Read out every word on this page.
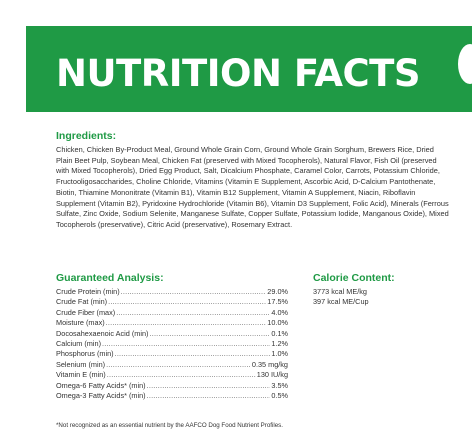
NUTRITION FACTS
Ingredients:
Chicken, Chicken By-Product Meal, Ground Whole Grain Corn, Ground Whole Grain Sorghum, Brewers Rice, Dried Plain Beet Pulp, Soybean Meal, Chicken Fat (preserved with Mixed Tocopherols), Natural Flavor, Fish Oil (preserved with Mixed Tocopherols), Dried Egg Product, Salt, Dicalcium Phosphate, Caramel Color, Carrots, Potassium Chloride, Fructooligosaccharides, Choline Chloride, Vitamins (Vitamin E Supplement, Ascorbic Acid, D-Calcium Pantothenate, Biotin, Thiamine Mononitrate (Vitamin B1), Vitamin B12 Supplement, Vitamin A Supplement, Niacin, Riboflavin Supplement (Vitamin B2), Pyridoxine Hydrochloride (Vitamin B6), Vitamin D3 Supplement, Folic Acid), Minerals (Ferrous Sulfate, Zinc Oxide, Sodium Selenite, Manganese Sulfate, Copper Sulfate, Potassium Iodide, Manganous Oxide), Mixed Tocopherols (preservative), Citric Acid (preservative), Rosemary Extract.
Guaranteed Analysis:
Crude Protein (min) .....	29.0%
Crude Fat (min) .....	17.5%
Crude Fiber (max) .....	4.0%
Moisture (max) .....	10.0%
Docosahexaenoic Acid (min) .....	0.1%
Calcium (min) .....	1.2%
Phosphorus (min) .....	1.0%
Selenium (min) .....	0.35 mg/kg
Vitamin E (min) .....	130 IU/kg
Omega-6 Fatty Acids* (min) .....	3.5%
Omega-3 Fatty Acids* (min) .....	0.5%
Calorie Content:
3773 kcal ME/kg
397 kcal ME/Cup
*Not recognized as an essential nutrient by the AAFCO Dog Food Nutrient Profiles.
